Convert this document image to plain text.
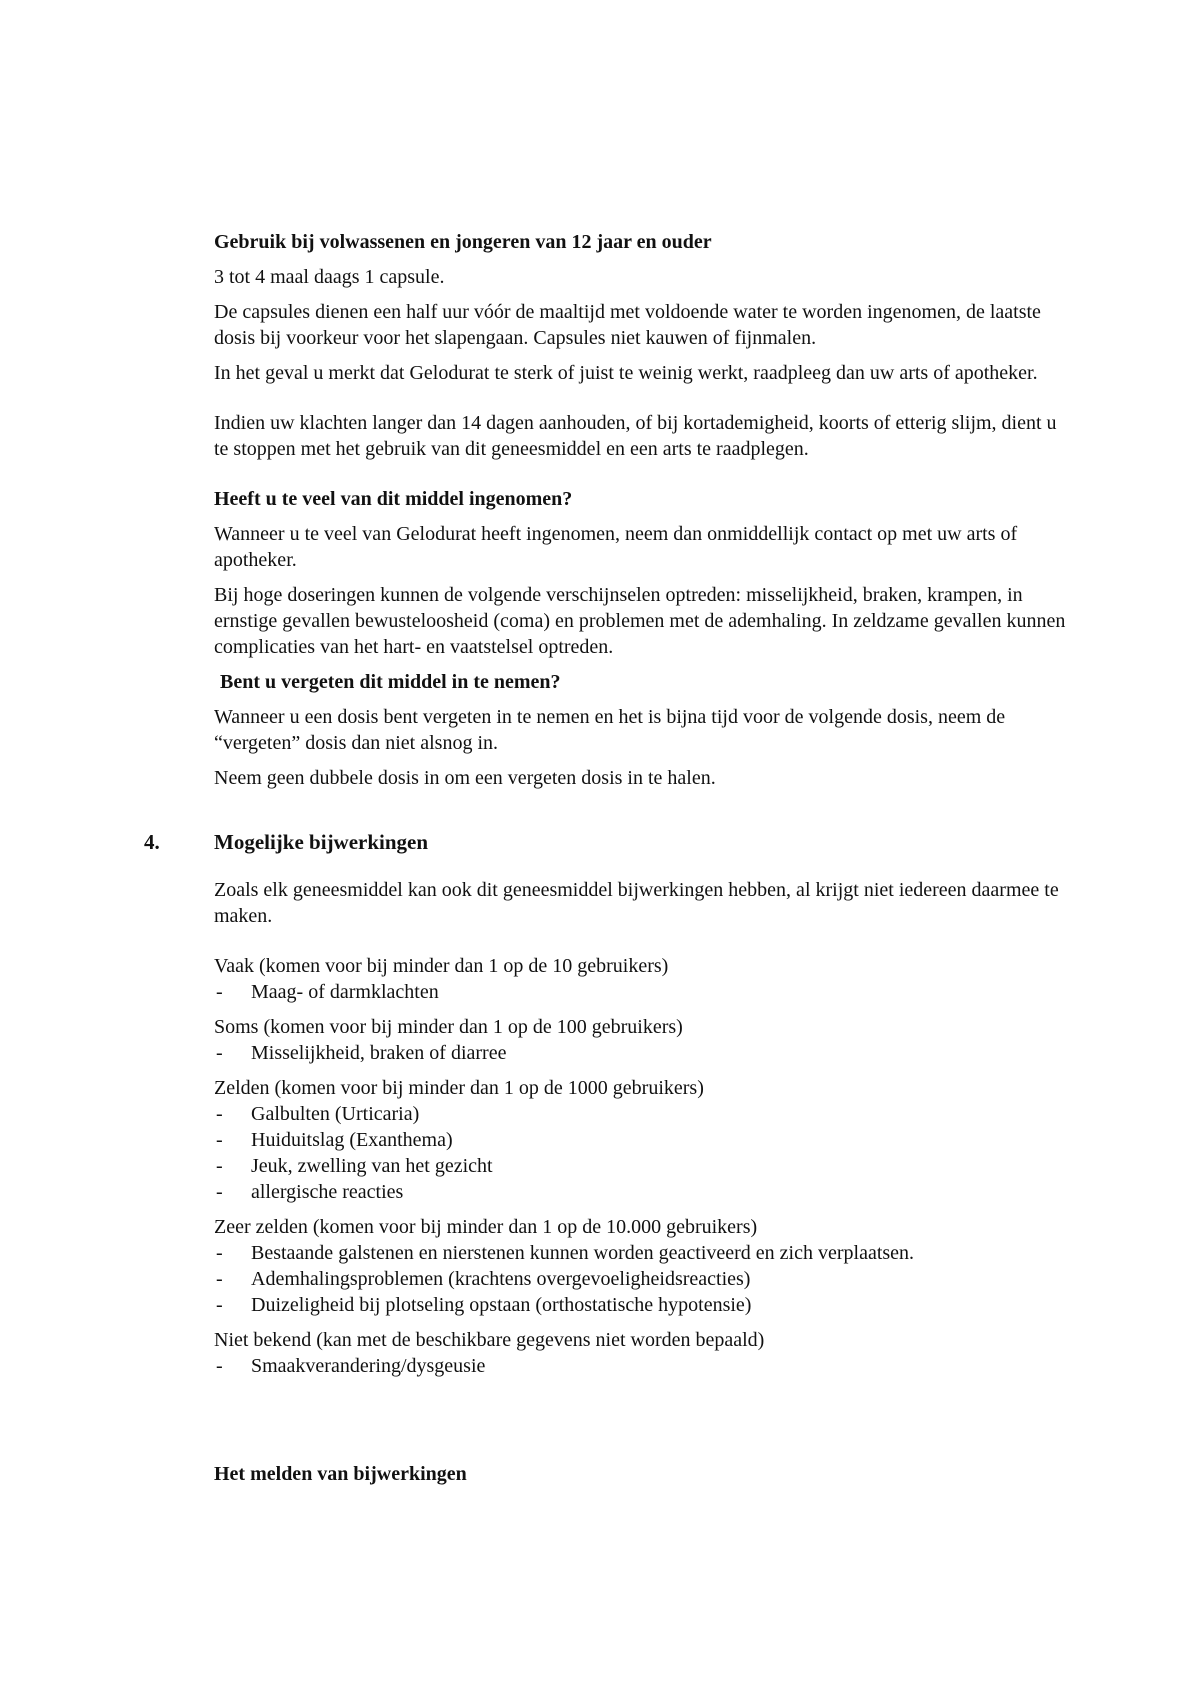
Gebruik bij volwassenen en jongeren van 12 jaar en ouder
3 tot 4 maal daags 1 capsule.
De capsules dienen een half uur vóór de maaltijd met voldoende water te worden ingenomen, de laatste dosis bij voorkeur voor het slapengaan. Capsules niet kauwen of fijnmalen.
In het geval u merkt dat Gelodurat te sterk of juist te weinig werkt, raadpleeg dan uw arts of apotheker.
Indien uw klachten langer dan 14 dagen aanhouden, of bij kortademigheid, koorts of etterig slijm, dient u te stoppen met het gebruik van dit geneesmiddel en een arts te raadplegen.
Heeft u te veel van dit middel ingenomen?
Wanneer u te veel van Gelodurat heeft ingenomen, neem dan onmiddellijk contact op met uw arts of apotheker.
Bij hoge doseringen kunnen de volgende verschijnselen optreden: misselijkheid, braken, krampen, in ernstige gevallen bewusteloosheid (coma) en problemen met de ademhaling. In zeldzame gevallen kunnen complicaties van het hart- en vaatstelsel optreden.
Bent u vergeten dit middel in te nemen?
Wanneer u een dosis bent vergeten in te nemen en het is bijna tijd voor de volgende dosis, neem de “vergeten” dosis dan niet alsnog in.
Neem geen dubbele dosis in om een vergeten dosis in te halen.
4.	Mogelijke bijwerkingen
Zoals elk geneesmiddel kan ook dit geneesmiddel bijwerkingen hebben, al krijgt niet iedereen daarmee te maken.
Vaak (komen voor bij minder dan 1 op de 10 gebruikers)
- Maag- of darmklachten
Soms (komen voor bij minder dan 1 op de 100 gebruikers)
- Misselijkheid, braken of diarree
Zelden (komen voor bij minder dan 1 op de 1000 gebruikers)
- Galbulten (Urticaria)
- Huiduitslag (Exanthema)
- Jeuk, zwelling van het gezicht
- allergische reacties
Zeer zelden (komen voor bij minder dan 1 op de 10.000 gebruikers)
- Bestaande galstenen en nierstenen kunnen worden geactiveerd en zich verplaatsen.
- Ademhalingsproblemen (krachtens overgevoeligheidsreacties)
- Duizeligheid bij plotseling opstaan (orthostatische hypotensie)
Niet bekend (kan met de beschikbare gegevens niet worden bepaald)
- Smaakverandering/dysgeusie
Het melden van bijwerkingen
